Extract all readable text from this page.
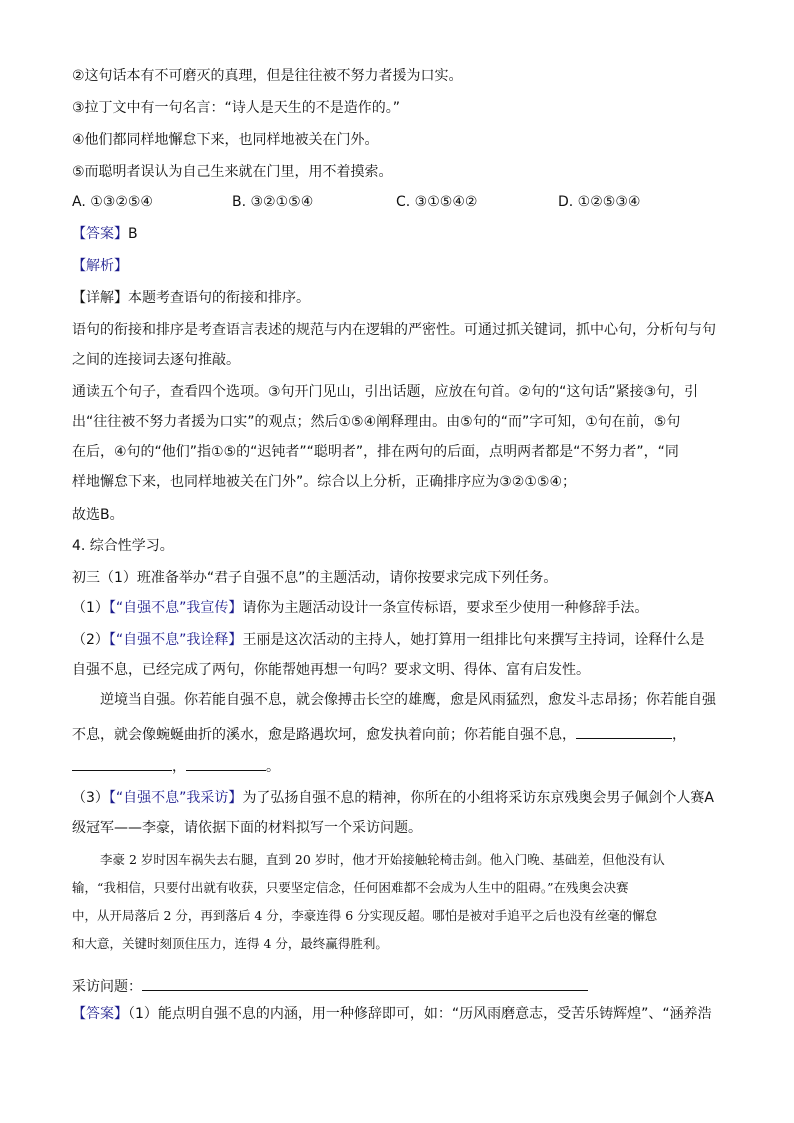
②这句话本有不可磨灭的真理，但是往往被不努力者援为口实。
③拉丁文中有一句名言：“诗人是天生的不是造作的。”
④他们都同样地懈怠下来，也同样地被关在门外。
⑤而聪明者误认为自己生来就在门里，用不着摸索。
A. ①③②⑤④	B. ③②①⑤④	C. ③①⑤④②	D. ①②⑤③④
【答案】B
【解析】
【详解】本题考查语句的衔接和排序。
语句的衔接和排序是考查语言表述的规范与内在逻辑的严密性。可通过抓关键词，抓中心句，分析句与句
之间的连接词去逐句推敲。
通读五个句子，查看四个选项。③句开门见山，引出话题，应放在句首。②句的“这句话”紧接③句，引
出“往往被不努力者援为口实”的观点；然后①⑤④阐释理由。由⑤句的“而”字可知，①句在前，⑤句
在后，④句的“他们”指①⑤的“迟钝者”“聪明者”，排在两句的后面，点明两者都是“不努力者”，“同
样地懈怠下来，也同样地被关在门外”。综合以上分析，正确排序应为③②①⑤④；
故选B。
4. 综合性学习。
初三（1）班准备举办“君子自强不息”的主题活动，请你按要求完成下列任务。
（1）【“自强不息”我宣传】请你为主题活动设计一条宣传标语，要求至少使用一种修辞手法。
（2）【“自强不息”我诠释】王丽是这次活动的主持人，她打算用一组排比句来撰写主持词，诠释什么是
自强不息，已经完成了两句，你能帮她再想一句吗？要求文明、得体、富有启发性。
逆境当自强。你若能自强不息，就会像搏击长空的雄鹰，愈是风雨猛烈，愈发斗志昂扬；你若能自强
不息，就会像蜿蜒曲折的溪水，愈是路遇坎坷，愈发执着向前；你若能自强不息，	，
，	。
（3）【“自强不息”我采访】为了弘扬自强不息的精神，你所在的小组将采访东京残奥会男子佩剑个人赛A
级冠军——李豪，请依据下面的材料拟写一个采访问题。
李豪 2 岁时因车祸失去右腿，直到 20 岁时，他才开始接触轮椅击剑。他入门晚、基础差，但他没有认
输，“我相信，只要付出就有收获，只要坚定信念，任何困难都不会成为人生中的阻碍。”在残奥会决赛
中，从开局落后 2 分，再到落后 4 分，李豪连得 6 分实现反超。哪怕是被对手追平之后也没有丝毫的懈怠
和大意，关键时刻顶住压力，连得 4 分，最终赢得胜利。
采访问题：
【答案】（1）能点明自强不息的内涵，用一种修辞即可，如：“历风雨磨意志，受苦乐铸辉煌”、“涵养浩
